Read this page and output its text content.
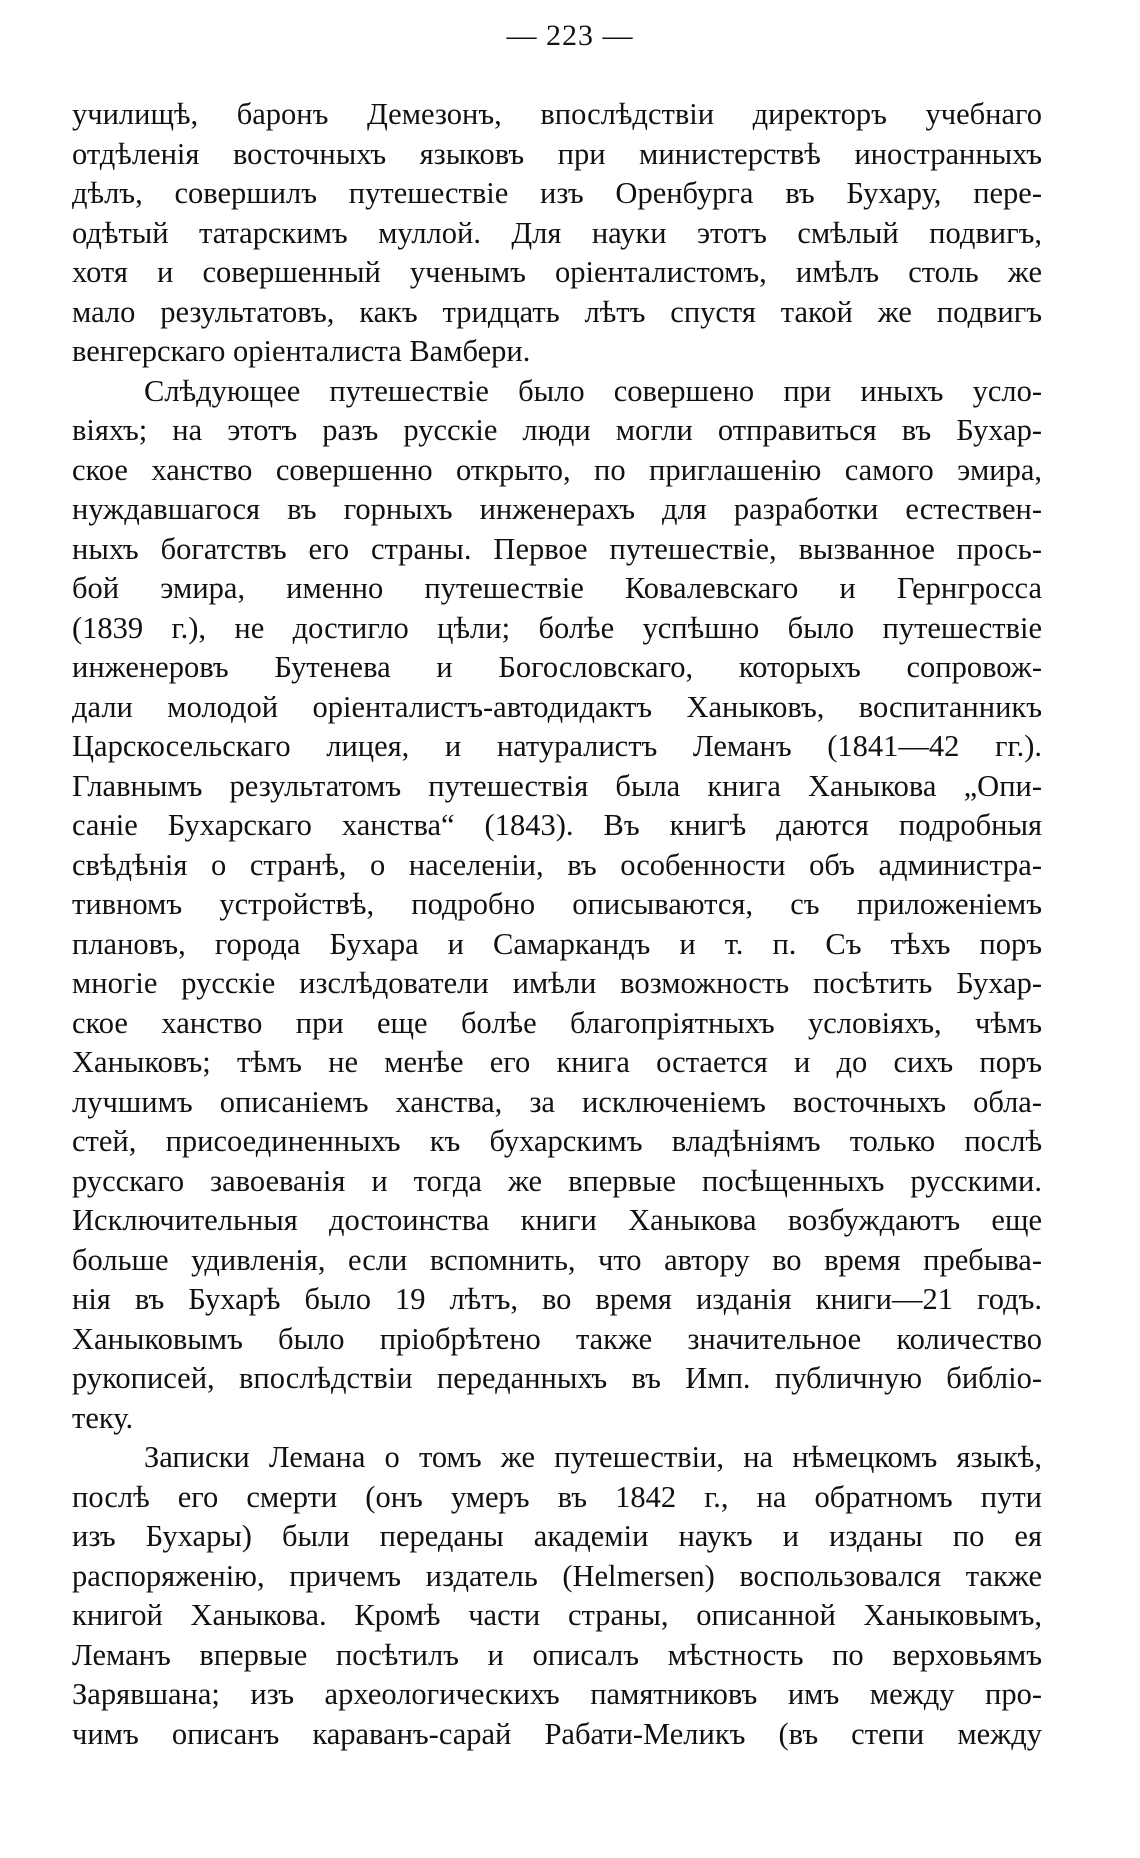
— 223 —
училищѣ, баронъ Демезонъ, впослѣдствіи директоръ учебнаго
отдѣленія восточныхъ языковъ при министерствѣ иностранныхъ
дѣлъ, совершилъ путешествіе изъ Оренбурга въ Бухару, пере-
одѣтый татарскимъ муллой. Для науки этотъ смѣлый подвигъ,
хотя и совершенный ученымъ оріенталистомъ, имѣлъ столь же
мало результатовъ, какъ тридцать лѣтъ спустя такой же подвигъ
венгерскаго оріенталиста Вамбери.
Слѣдующее путешествіе было совершено при иныхъ усло-
віяхъ; на этотъ разъ русскіе люди могли отправиться въ Бухар-
ское ханство совершенно открыто, по приглашенію самого эмира,
нуждавшагося въ горныхъ инженерахъ для разработки естествен-
ныхъ богатствъ его страны. Первое путешествіе, вызванное прось-
бой эмира, именно путешествіе Ковалевскаго и Гернгросса
(1839 г.), не достигло цѣли; болѣе успѣшно было путешествіе
инженеровъ Бутенева и Богословскаго, которыхъ сопровож-
дали молодой оріенталистъ-автодидактъ Ханыковъ, воспитанникъ
Царскосельскаго лицея, и натуралистъ Леманъ (1841—42 гг.).
Главнымъ результатомъ путешествія была книга Ханыкова „Опи-
саніе Бухарскаго ханства“ (1843). Въ книгѣ даются подробныя
свѣдѣнія о странѣ, о населеніи, въ особенности объ администра-
тивномъ устройствѣ, подробно описываются, съ приложеніемъ
плановъ, города Бухара и Самаркандъ и т. п. Съ тѣхъ поръ
многіе русскіе изслѣдователи имѣли возможность посѣтить Бухар-
ское ханство при еще болѣе благопріятныхъ условіяхъ, чѣмъ
Ханыковъ; тѣмъ не менѣе его книга остается и до сихъ поръ
лучшимъ описаніемъ ханства, за исключеніемъ восточныхъ обла-
стей, присоединенныхъ къ бухарскимъ владѣніямъ только послѣ
русскаго завоеванія и тогда же впервые посѣщенныхъ русскими.
Исключительныя достоинства книги Ханыкова возбуждаютъ еще
больше удивленія, если вспомнить, что автору во время пребыва-
нія въ Бухарѣ было 19 лѣтъ, во время изданія книги—21 годъ.
Ханыковымъ было пріобрѣтено также значительное количество
рукописей, впослѣдствіи переданныхъ въ Имп. публичную библіо-
теку.
Записки Лемана о томъ же путешествіи, на нѣмецкомъ языкѣ,
послѣ его смерти (онъ умеръ въ 1842 г., на обратномъ пути
изъ Бухары) были переданы академіи наукъ и изданы по ея
распоряженію, причемъ издатель (Helmersen) воспользовался также
книгой Ханыкова. Кромѣ части страны, описанной Ханыковымъ,
Леманъ впервые посѣтилъ и описалъ мѣстность по верховьямъ
Зарявшана; изъ археологическихъ памятниковъ имъ между про-
чимъ описанъ караванъ-сарай Рабати-Меликъ (въ степи между
